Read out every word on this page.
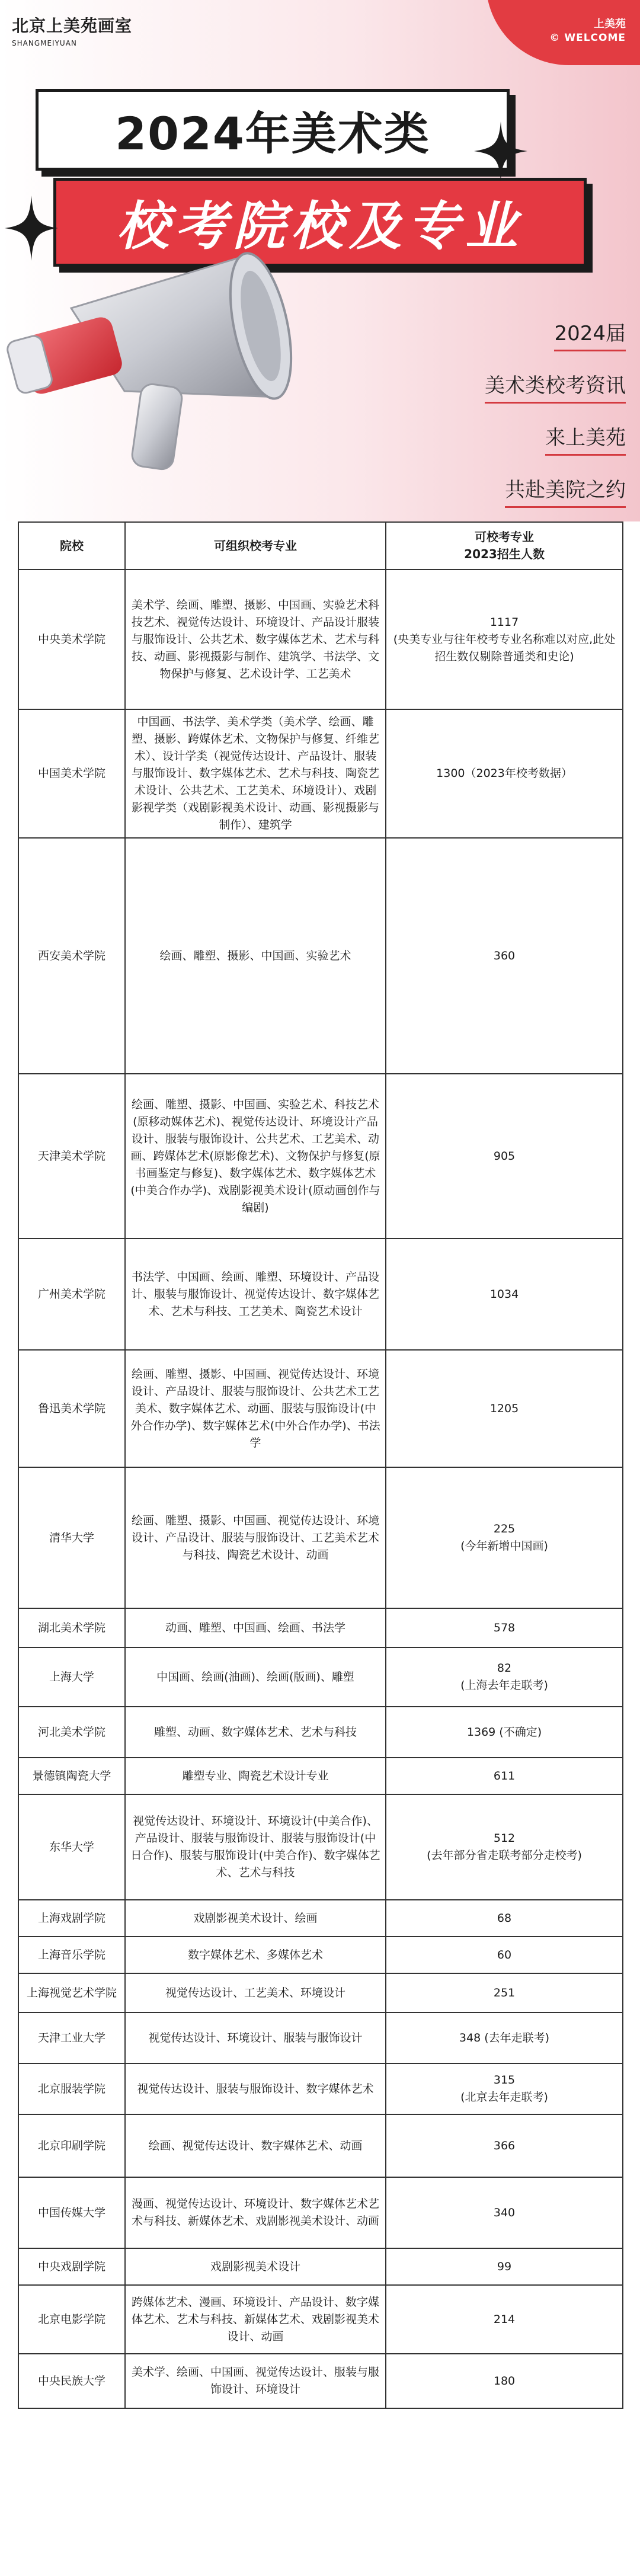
北京上美苑画室
SHANGMEIYUAN
上美苑
© WELCOME
2024年美术类
校考院校及专业
2024届
美术类校考资讯
来上美苑
共赴美院之约
院校	可组织校考专业	可校考专业
2023招生人数
中央美术学院	美术学、绘画、雕塑、摄影、中国画、实验艺术科技艺术、视觉传达设计、环境设计、产品设计服装与服饰设计、公共艺术、数字媒体艺术、艺术与科技、动画、影视摄影与制作、建筑学、书法学、文物保护与修复、艺术设计学、工艺美术	1117
(央美专业与往年校考专业名称难以对应,此处招生数仅剔除普通类和史论)
中国美术学院	中国画、书法学、美术学类（美术学、绘画、雕塑、摄影、跨媒体艺术、文物保护与修复、纤维艺术）、设计学类（视觉传达设计、产品设计、服装与服饰设计、数字媒体艺术、艺术与科技、陶瓷艺术设计、公共艺术、工艺美术、环境设计）、戏剧影视学类（戏剧影视美术设计、动画、影视摄影与制作）、建筑学	1300（2023年校考数据）
西安美术学院	绘画、雕塑、摄影、中国画、实验艺术	360
天津美术学院	绘画、雕塑、摄影、中国画、实验艺术、科技艺术(原移动媒体艺术)、视觉传达设计、环境设计产品设计、服装与服饰设计、公共艺术、工艺美术、动画、跨媒体艺术(原影像艺术)、文物保护与修复(原书画鉴定与修复)、数字媒体艺术、数字媒体艺术(中美合作办学)、戏剧影视美术设计(原动画创作与编剧)	905
广州美术学院	书法学、中国画、绘画、雕塑、环境设计、产品设计、服装与服饰设计、视觉传达设计、数字媒体艺术、艺术与科技、工艺美术、陶瓷艺术设计	1034
鲁迅美术学院	绘画、雕塑、摄影、中国画、视觉传达设计、环境设计、产品设计、服装与服饰设计、公共艺术工艺美术、数字媒体艺术、动画、服装与服饰设计(中外合作办学)、数字媒体艺术(中外合作办学)、书法学	1205
清华大学	绘画、雕塑、摄影、中国画、视觉传达设计、环境设计、产品设计、服装与服饰设计、工艺美术艺术与科技、陶瓷艺术设计、动画	225
(今年新增中国画)
湖北美术学院	动画、雕塑、中国画、绘画、书法学	578
上海大学	中国画、绘画(油画)、绘画(版画)、雕塑	82
(上海去年走联考)
河北美术学院	雕塑、动画、数字媒体艺术、艺术与科技	1369 (不确定)
景德镇陶瓷大学	雕塑专业、陶瓷艺术设计专业	611
东华大学	视觉传达设计、环境设计、环境设计(中美合作)、产品设计、服装与服饰设计、服装与服饰设计(中日合作)、服装与服饰设计(中美合作)、数字媒体艺术、艺术与科技	512
(去年部分省走联考部分走校考)
上海戏剧学院	戏剧影视美术设计、绘画	68
上海音乐学院	数字媒体艺术、多媒体艺术	60
上海视觉艺术学院	视觉传达设计、工艺美术、环境设计	251
天津工业大学	视觉传达设计、环境设计、服装与服饰设计	348 (去年走联考)
北京服装学院	视觉传达设计、服装与服饰设计、数字媒体艺术	315
(北京去年走联考)
北京印刷学院	绘画、视觉传达设计、数字媒体艺术、动画	366
中国传媒大学	漫画、视觉传达设计、环境设计、数字媒体艺术艺术与科技、新媒体艺术、戏剧影视美术设计、动画	340
中央戏剧学院	戏剧影视美术设计	99
北京电影学院	跨媒体艺术、漫画、环境设计、产品设计、数字媒体艺术、艺术与科技、新媒体艺术、戏剧影视美术设计、动画	214
中央民族大学	美术学、绘画、中国画、视觉传达设计、服装与服饰设计、环境设计	180
